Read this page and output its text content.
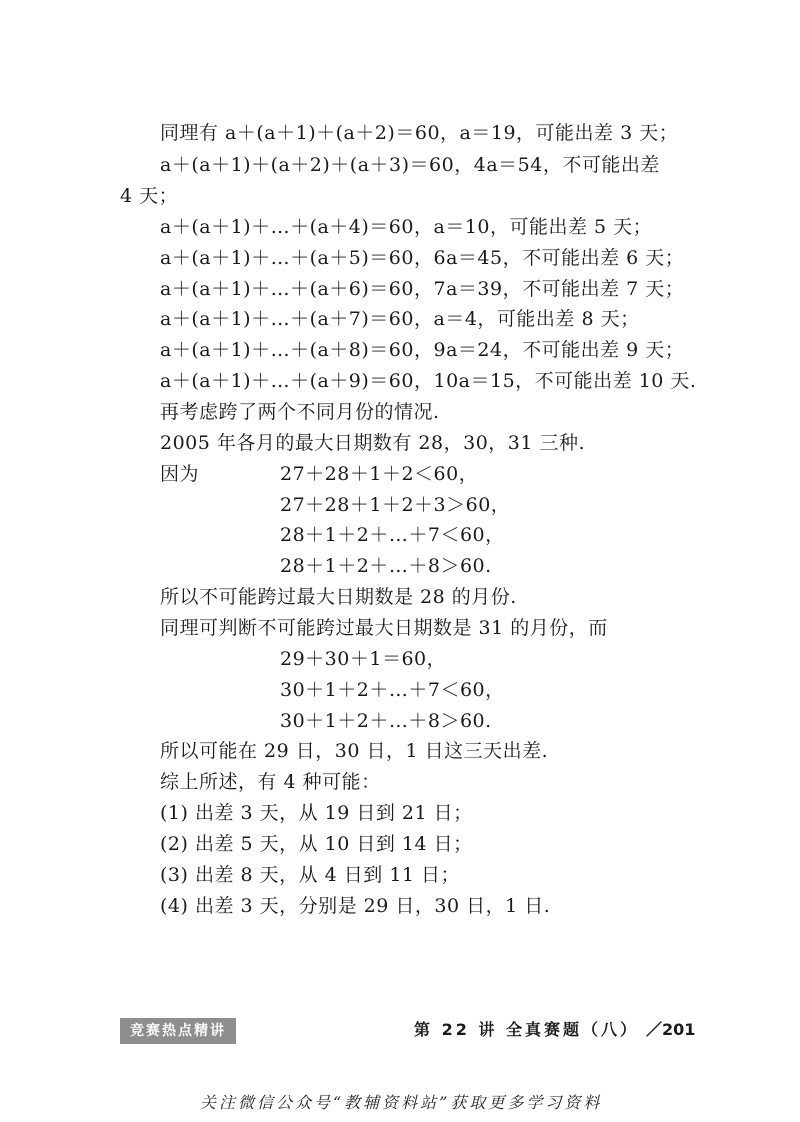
同理有 a＋(a＋1)＋(a＋2)＝60，a＝19，可能出差 3 天；
a＋(a＋1)＋(a＋2)＋(a＋3)＝60，4a＝54，不可能出差
4 天；
a＋(a＋1)＋…＋(a＋4)＝60，a＝10，可能出差 5 天；
a＋(a＋1)＋…＋(a＋5)＝60，6a＝45，不可能出差 6 天；
a＋(a＋1)＋…＋(a＋6)＝60，7a＝39，不可能出差 7 天；
a＋(a＋1)＋…＋(a＋7)＝60，a＝4，可能出差 8 天；
a＋(a＋1)＋…＋(a＋8)＝60，9a＝24，不可能出差 9 天；
a＋(a＋1)＋…＋(a＋9)＝60，10a＝15，不可能出差 10 天.
再考虑跨了两个不同月份的情况.
2005 年各月的最大日期数有 28，30，31 三种.
因为	27＋28＋1＋2＜60，
27＋28＋1＋2＋3＞60，
28＋1＋2＋…＋7＜60，
28＋1＋2＋…＋8＞60.
所以不可能跨过最大日期数是 28 的月份.
同理可判断不可能跨过最大日期数是 31 的月份，而
29＋30＋1＝60，
30＋1＋2＋…＋7＜60，
30＋1＋2＋…＋8＞60.
所以可能在 29 日，30 日，1 日这三天出差.
综上所述，有 4 种可能：
(1) 出差 3 天，从 19 日到 21 日；
(2) 出差 5 天，从 10 日到 14 日；
(3) 出差 8 天，从 4 日到 11 日；
(4) 出差 3 天，分别是 29 日，30 日，1 日.
竞赛热点精讲	第 22 讲 全真赛题（八） ／201
关注微信公众号“教辅资料站”获取更多学习资料
